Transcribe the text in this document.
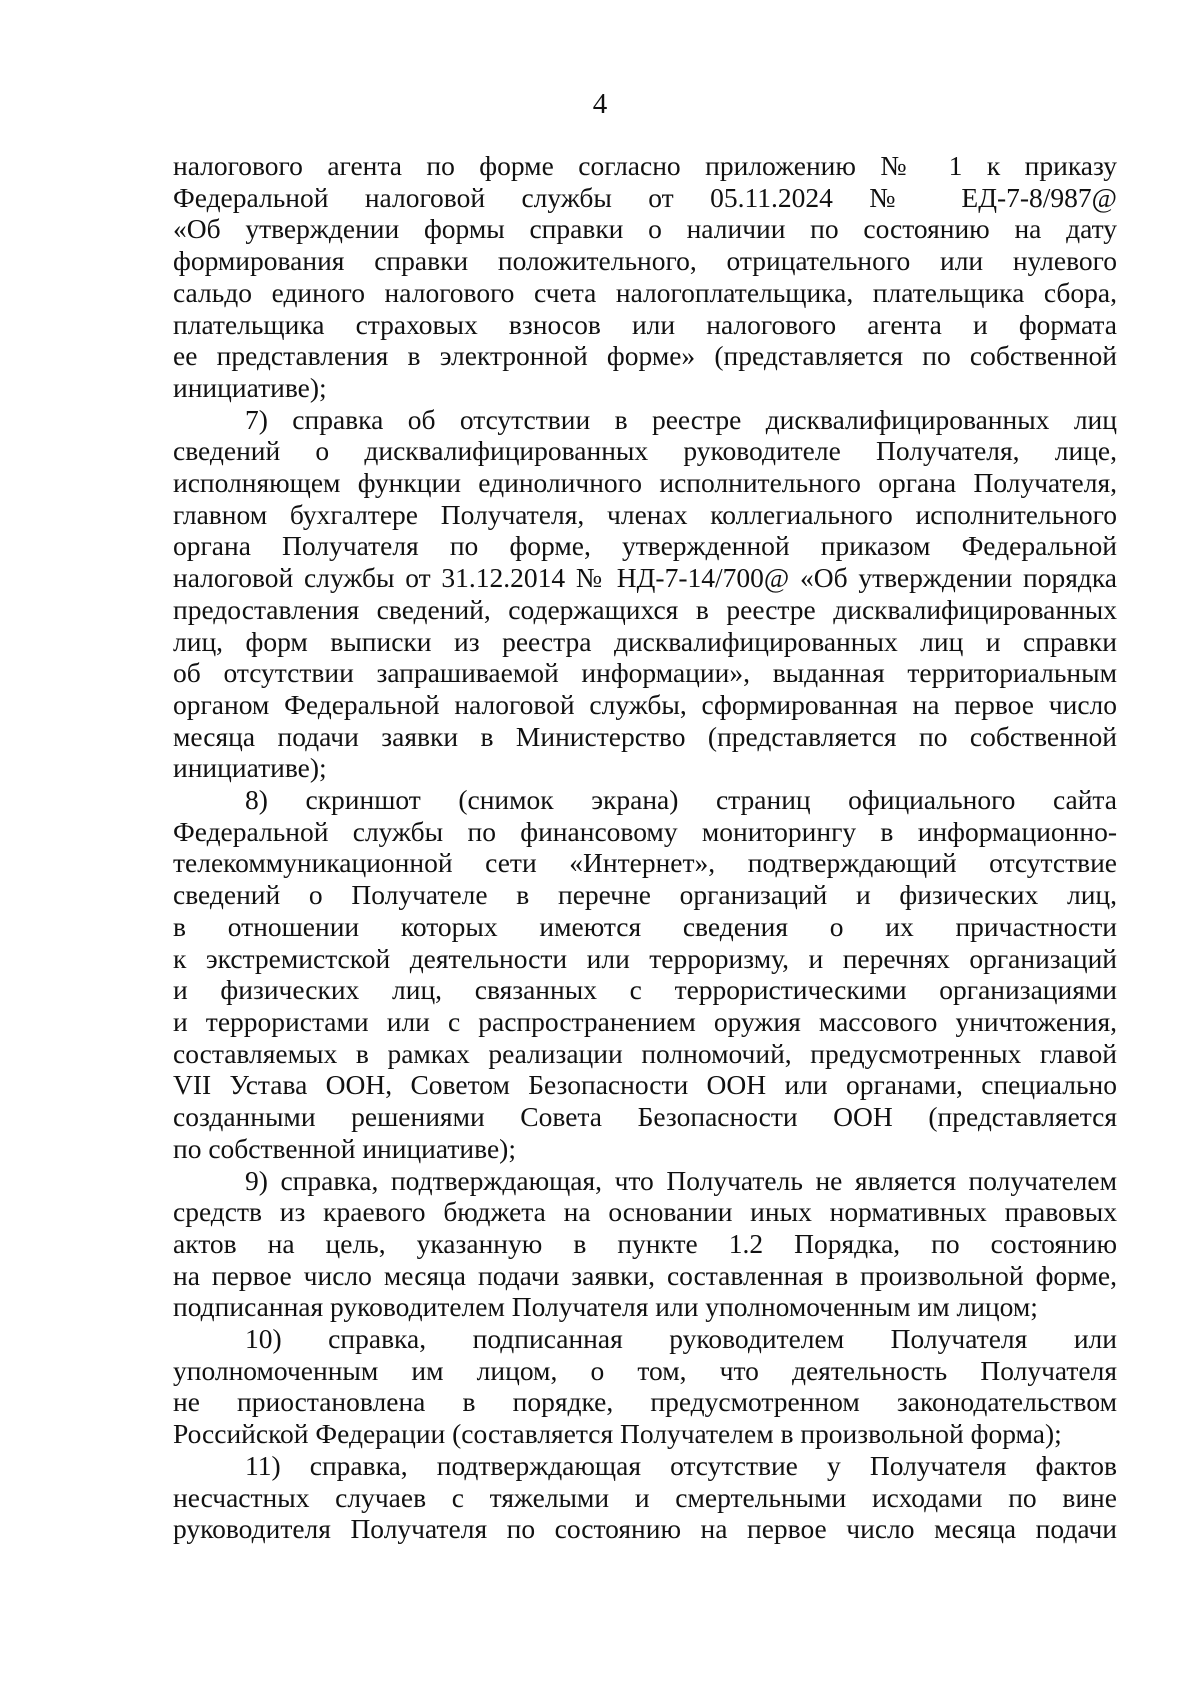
4
налогового агента по форме согласно приложению № 1 к приказу
Федеральной налоговой службы от 05.11.2024 № ЕД-7-8/987@
«Об утверждении формы справки о наличии по состоянию на дату
формирования справки положительного, отрицательного или нулевого
сальдо единого налогового счета налогоплательщика, плательщика сбора,
плательщика страховых взносов или налогового агента и формата
ее представления в электронной форме» (представляется по собственной
инициативе);
7) справка об отсутствии в реестре дисквалифицированных лиц
сведений о дисквалифицированных руководителе Получателя, лице,
исполняющем функции единоличного исполнительного органа Получателя,
главном бухгалтере Получателя, членах коллегиального исполнительного
органа Получателя по форме, утвержденной приказом Федеральной
налоговой службы от 31.12.2014 № НД-7-14/700@ «Об утверждении порядка
предоставления сведений, содержащихся в реестре дисквалифицированных
лиц, форм выписки из реестра дисквалифицированных лиц и справки
об отсутствии запрашиваемой информации», выданная территориальным
органом Федеральной налоговой службы, сформированная на первое число
месяца подачи заявки в Министерство (представляется по собственной
инициативе);
8) скриншот (снимок экрана) страниц официального сайта
Федеральной службы по финансовому мониторингу в информационно-
телекоммуникационной сети «Интернет», подтверждающий отсутствие
сведений о Получателе в перечне организаций и физических лиц,
в отношении которых имеются сведения о их причастности
к экстремистской деятельности или терроризму, и перечнях организаций
и физических лиц, связанных с террористическими организациями
и террористами или с распространением оружия массового уничтожения,
составляемых в рамках реализации полномочий, предусмотренных главой
VII Устава ООН, Советом Безопасности ООН или органами, специально
созданными решениями Совета Безопасности ООН (представляется
по собственной инициативе);
9) справка, подтверждающая, что Получатель не является получателем
средств из краевого бюджета на основании иных нормативных правовых
актов на цель, указанную в пункте 1.2 Порядка, по состоянию
на первое число месяца подачи заявки, составленная в произвольной форме,
подписанная руководителем Получателя или уполномоченным им лицом;
10) справка, подписанная руководителем Получателя или
уполномоченным им лицом, о том, что деятельность Получателя
не приостановлена в порядке, предусмотренном законодательством
Российской Федерации (составляется Получателем в произвольной форма);
11) справка, подтверждающая отсутствие у Получателя фактов
несчастных случаев с тяжелыми и смертельными исходами по вине
руководителя Получателя по состоянию на первое число месяца подачи
